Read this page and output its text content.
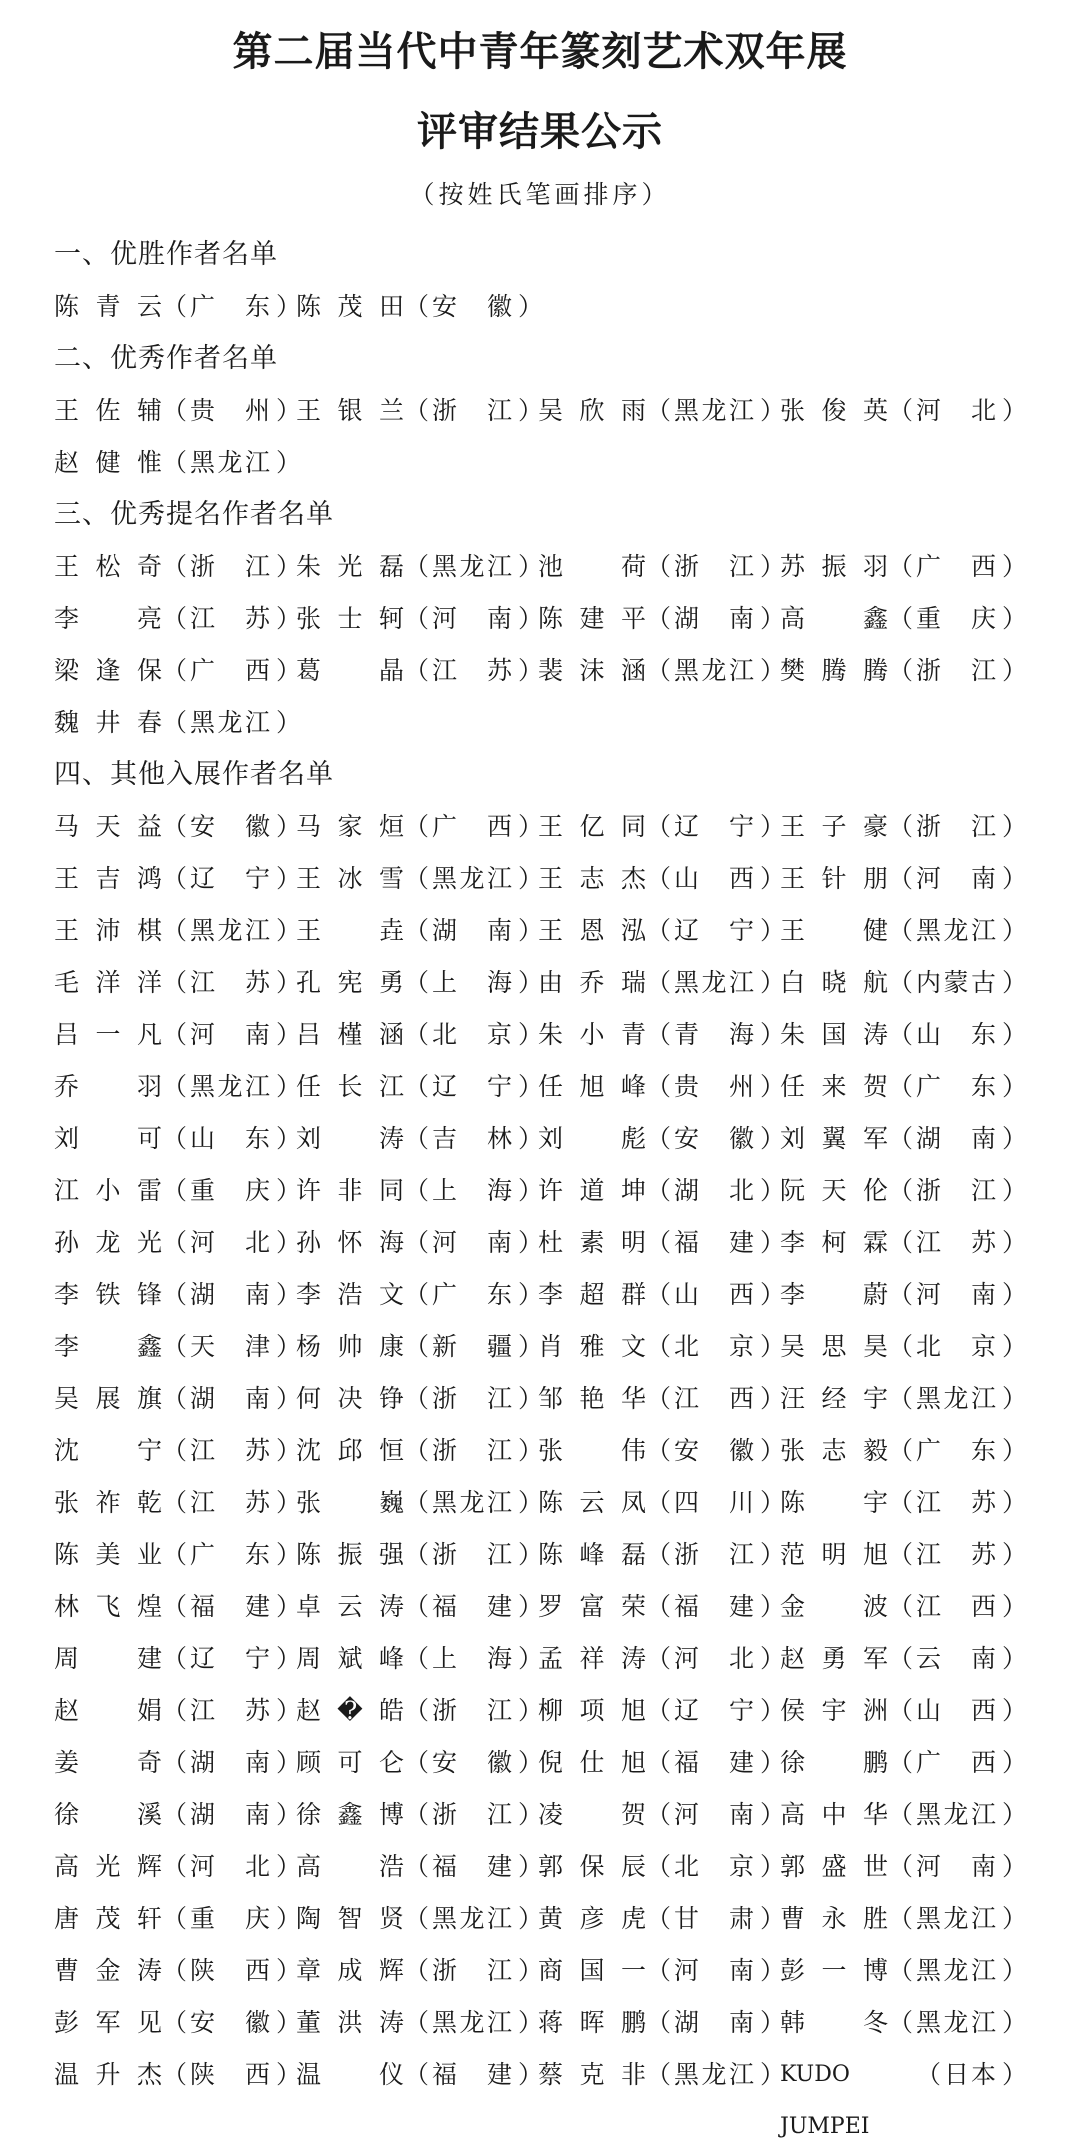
第二届当代中青年篆刻艺术双年展
评审结果公示
（按姓氏笔画排序）
一、优胜作者名单
陈 青 云 （ 广 东 ）
陈 茂 田 （ 安 徽 ）
二、优秀作者名单
王 佐 辅 （ 贵 州 ）
王 银 兰 （ 浙 江 ）
吴 欣 雨 （ 黑 龙 江 ）
张 俊 英 （ 河 北 ）
赵 健 惟 （ 黑 龙 江 ）
三、优秀提名作者名单
王 松 奇 （ 浙 江 ）
朱 光 磊 （ 黑 龙 江 ）
池 荷 （ 浙 江 ）
苏 振 羽 （ 广 西 ）
李 亮 （ 江 苏 ）
张 士 轲 （ 河 南 ）
陈 建 平 （ 湖 南 ）
高 鑫 （ 重 庆 ）
梁 逢 保 （ 广 西 ）
葛 晶 （ 江 苏 ）
裴 沫 涵 （ 黑 龙 江 ）
樊 腾 腾 （ 浙 江 ）
魏 井 春 （ 黑 龙 江 ）
四、其他入展作者名单
马 天 益 （ 安 徽 ）
马 家 烜 （ 广 西 ）
王 亿 同 （ 辽 宁 ）
王 子 豪 （ 浙 江 ）
王 吉 鸿 （ 辽 宁 ）
王 冰 雪 （ 黑 龙 江 ）
王 志 杰 （ 山 西 ）
王 针 朋 （ 河 南 ）
王 沛 棋 （ 黑 龙 江 ）
王 垚 （ 湖 南 ）
王 恩 泓 （ 辽 宁 ）
王 健 （ 黑 龙 江 ）
毛 洋 洋 （ 江 苏 ）
孔 宪 勇 （ 上 海 ）
由 乔 瑞 （ 黑 龙 江 ）
白 晓 航 （ 内 蒙 古 ）
吕 一 凡 （ 河 南 ）
吕 槿 涵 （ 北 京 ）
朱 小 青 （ 青 海 ）
朱 国 涛 （ 山 东 ）
乔 羽 （ 黑 龙 江 ）
任 长 江 （ 辽 宁 ）
任 旭 峰 （ 贵 州 ）
任 来 贺 （ 广 东 ）
刘 可 （ 山 东 ）
刘 涛 （ 吉 林 ）
刘 彪 （ 安 徽 ）
刘 翼 军 （ 湖 南 ）
江 小 雷 （ 重 庆 ）
许 非 同 （ 上 海 ）
许 道 坤 （ 湖 北 ）
阮 天 伦 （ 浙 江 ）
孙 龙 光 （ 河 北 ）
孙 怀 海 （ 河 南 ）
杜 素 明 （ 福 建 ）
李 柯 霖 （ 江 苏 ）
李 铁 锋 （ 湖 南 ）
李 浩 文 （ 广 东 ）
李 超 群 （ 山 西 ）
李 蔚 （ 河 南 ）
李 鑫 （ 天 津 ）
杨 帅 康 （ 新 疆 ）
肖 雅 文 （ 北 京 ）
吴 思 昊 （ 北 京 ）
吴 展 旗 （ 湖 南 ）
何 决 铮 （ 浙 江 ）
邹 艳 华 （ 江 西 ）
汪 经 宇 （ 黑 龙 江 ）
沈 宁 （ 江 苏 ）
沈 邱 恒 （ 浙 江 ）
张 伟 （ 安 徽 ）
张 志 毅 （ 广 东 ）
张 祚 乾 （ 江 苏 ）
张 巍 （ 黑 龙 江 ）
陈 云 凤 （ 四 川 ）
陈 宇 （ 江 苏 ）
陈 美 业 （ 广 东 ）
陈 振 强 （ 浙 江 ）
陈 峰 磊 （ 浙 江 ）
范 明 旭 （ 江 苏 ）
林 飞 煌 （ 福 建 ）
卓 云 涛 （ 福 建 ）
罗 富 荣 （ 福 建 ）
金 波 （ 江 西 ）
周 建 （ 辽 宁 ）
周 斌 峰 （ 上 海 ）
孟 祥 涛 （ 河 北 ）
赵 勇 军 （ 云 南 ）
赵 娟 （ 江 苏 ）
赵 � 皓 （ 浙 江 ）
柳 项 旭 （ 辽 宁 ）
侯 宇 洲 （ 山 西 ）
姜 奇 （ 湖 南 ）
顾 可 仑 （ 安 徽 ）
倪 仕 旭 （ 福 建 ）
徐 鹏 （ 广 西 ）
徐 溪 （ 湖 南 ）
徐 鑫 博 （ 浙 江 ）
凌 贺 （ 河 南 ）
高 中 华 （ 黑 龙 江 ）
高 光 辉 （ 河 北 ）
高 浩 （ 福 建 ）
郭 保 辰 （ 北 京 ）
郭 盛 世 （ 河 南 ）
唐 茂 轩 （ 重 庆 ）
陶 智 贤 （ 黑 龙 江 ）
黄 彦 虎 （ 甘 肃 ）
曹 永 胜 （ 黑 龙 江 ）
曹 金 涛 （ 陕 西 ）
章 成 辉 （ 浙 江 ）
商 国 一 （ 河 南 ）
彭 一 博 （ 黑 龙 江 ）
彭 军 见 （ 安 徽 ）
董 洪 涛 （ 黑 龙 江 ）
蒋 晖 鹏 （ 湖 南 ）
韩 冬 （ 黑 龙 江 ）
温 升 杰 （ 陕 西 ）
温 仪 （ 福 建 ）
蔡 克 非 （ 黑 龙 江 ）
KUDO JUMPEI
（ 日 本 ）
